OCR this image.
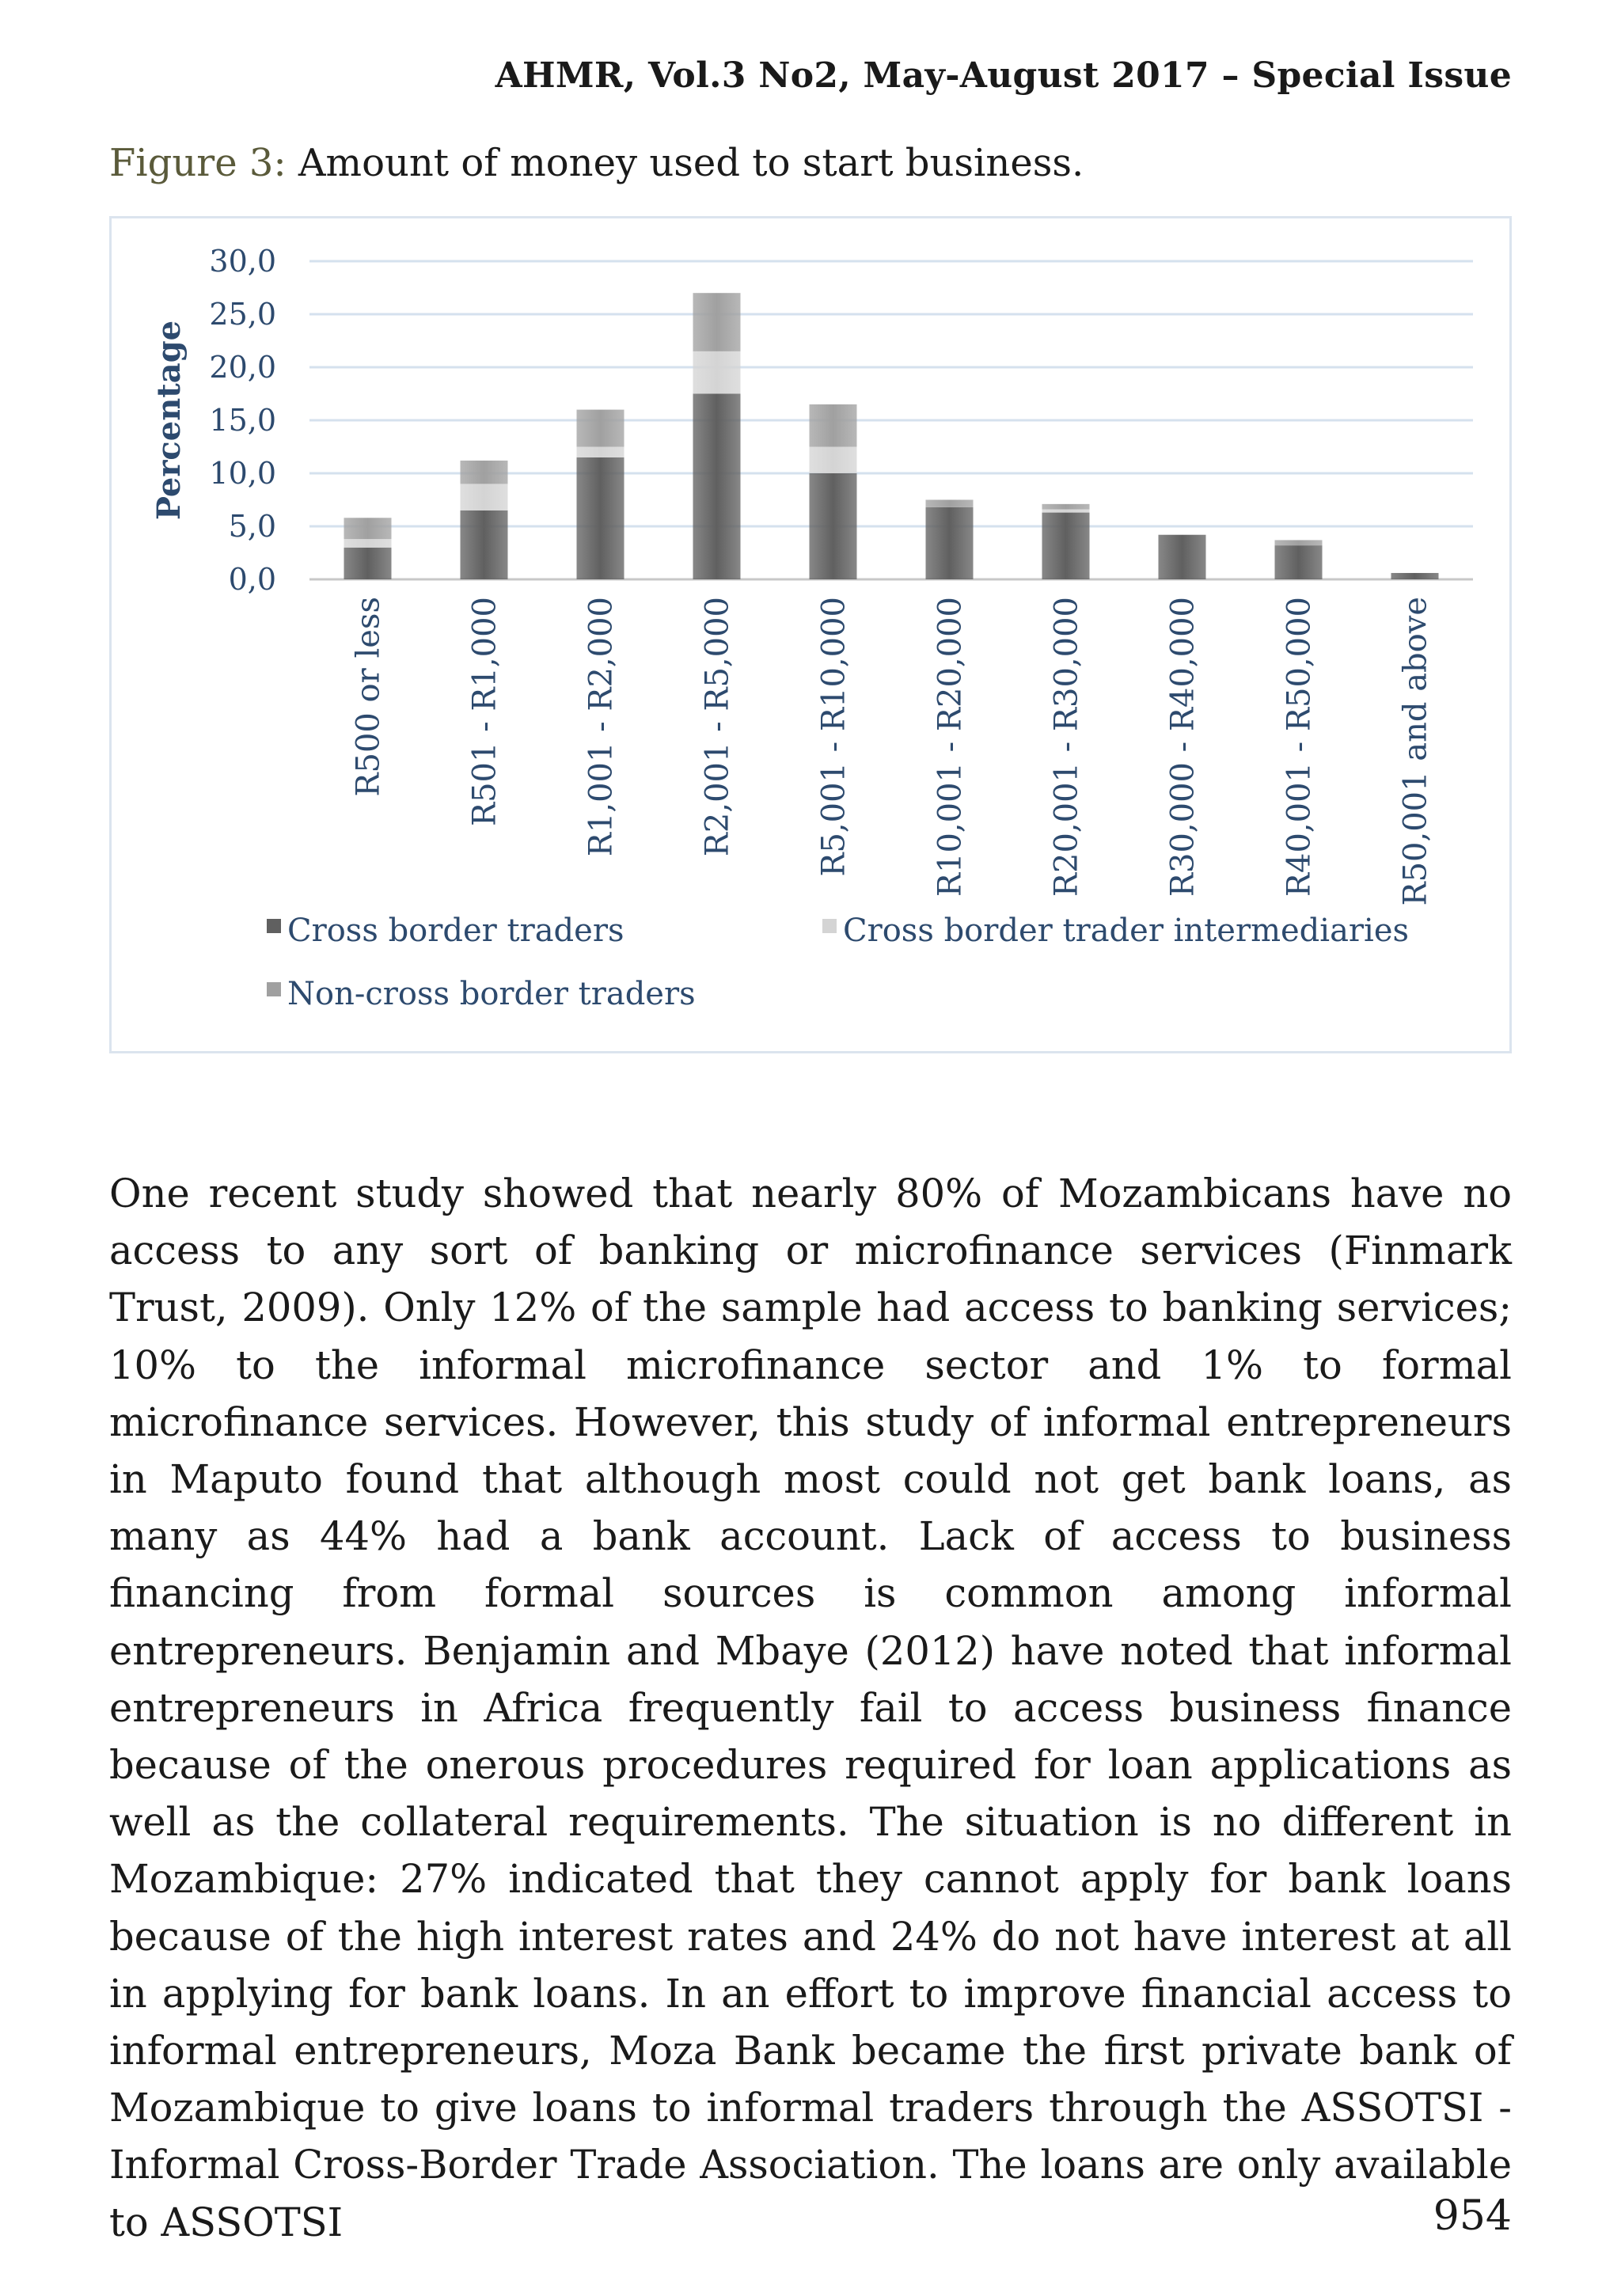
AHMR, Vol.3 No2, May-August 2017 – Special Issue
Figure 3: Amount of money used to start business.
0,0
5,0
10,0
15,0
20,0
25,0
30,0
Percentage
R500 or less	R501 - R1,000	R1,001 - R2,000	R2,001 - R5,000	R5,001 - R10,000	R10,001 - R20,000	R20,001 - R30,000	R30,000 - R40,000	R40,001 - R50,000	R50,001 and above
Cross border traders	Cross border trader intermediaries
Non-cross border traders

One recent study showed that nearly 80% of Mozambicans have no access to any sort of banking or microfinance services (Finmark Trust, 2009). Only 12% of the sample had access to banking services; 10% to the informal microfinance sector and 1% to formal microfinance services. However, this study of informal entrepreneurs in Maputo found that although most could not get bank loans, as many as 44% had a bank account. Lack of access to business financing from formal sources is common among informal entrepreneurs. Benjamin and Mbaye (2012) have noted that informal entrepreneurs in Africa frequently fail to access business finance because of the onerous procedures required for loan applications as well as the collateral requirements. The situation is no different in Mozambique: 27% indicated that they cannot apply for bank loans because of the high interest rates and 24% do not have interest at all in applying for bank loans. In an effort to improve financial access to informal entrepreneurs, Moza Bank became the first private bank of Mozambique to give loans to informal traders through the ASSOTSI - Informal Cross-Border Trade Association. The loans are only available to ASSOTSI	954
